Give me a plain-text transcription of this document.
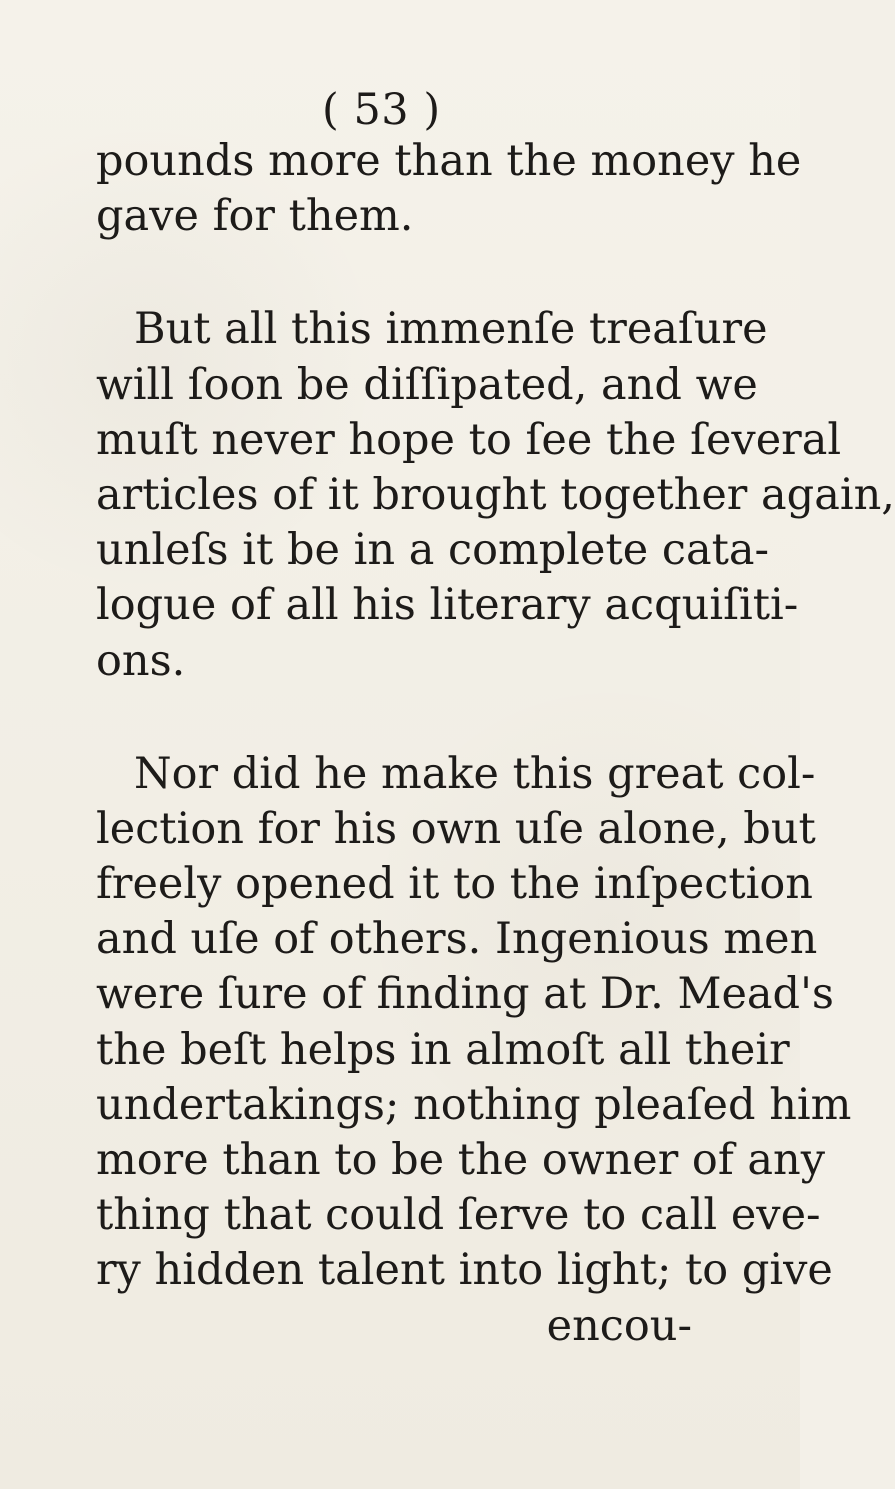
( 53 )
pounds more than the money he
gave for them.
But all this immenſe treaſure
will ſoon be diſſipated, and we
muſt never hope to ſee the ſeveral
articles of it brought together again,
unleſs it be in a complete cata-
logue of all his literary acquiſiti-
ons.
Nor did he make this great col-
lection for his own uſe alone, but
freely opened it to the inſpection
and uſe of others. Ingenious men
were ſure of finding at Dr. Mead's
the beſt helps in almoſt all their
undertakings; nothing pleaſed him
more than to be the owner of any
thing that could ſerve to call eve-
ry hidden talent into light; to give
encou-
